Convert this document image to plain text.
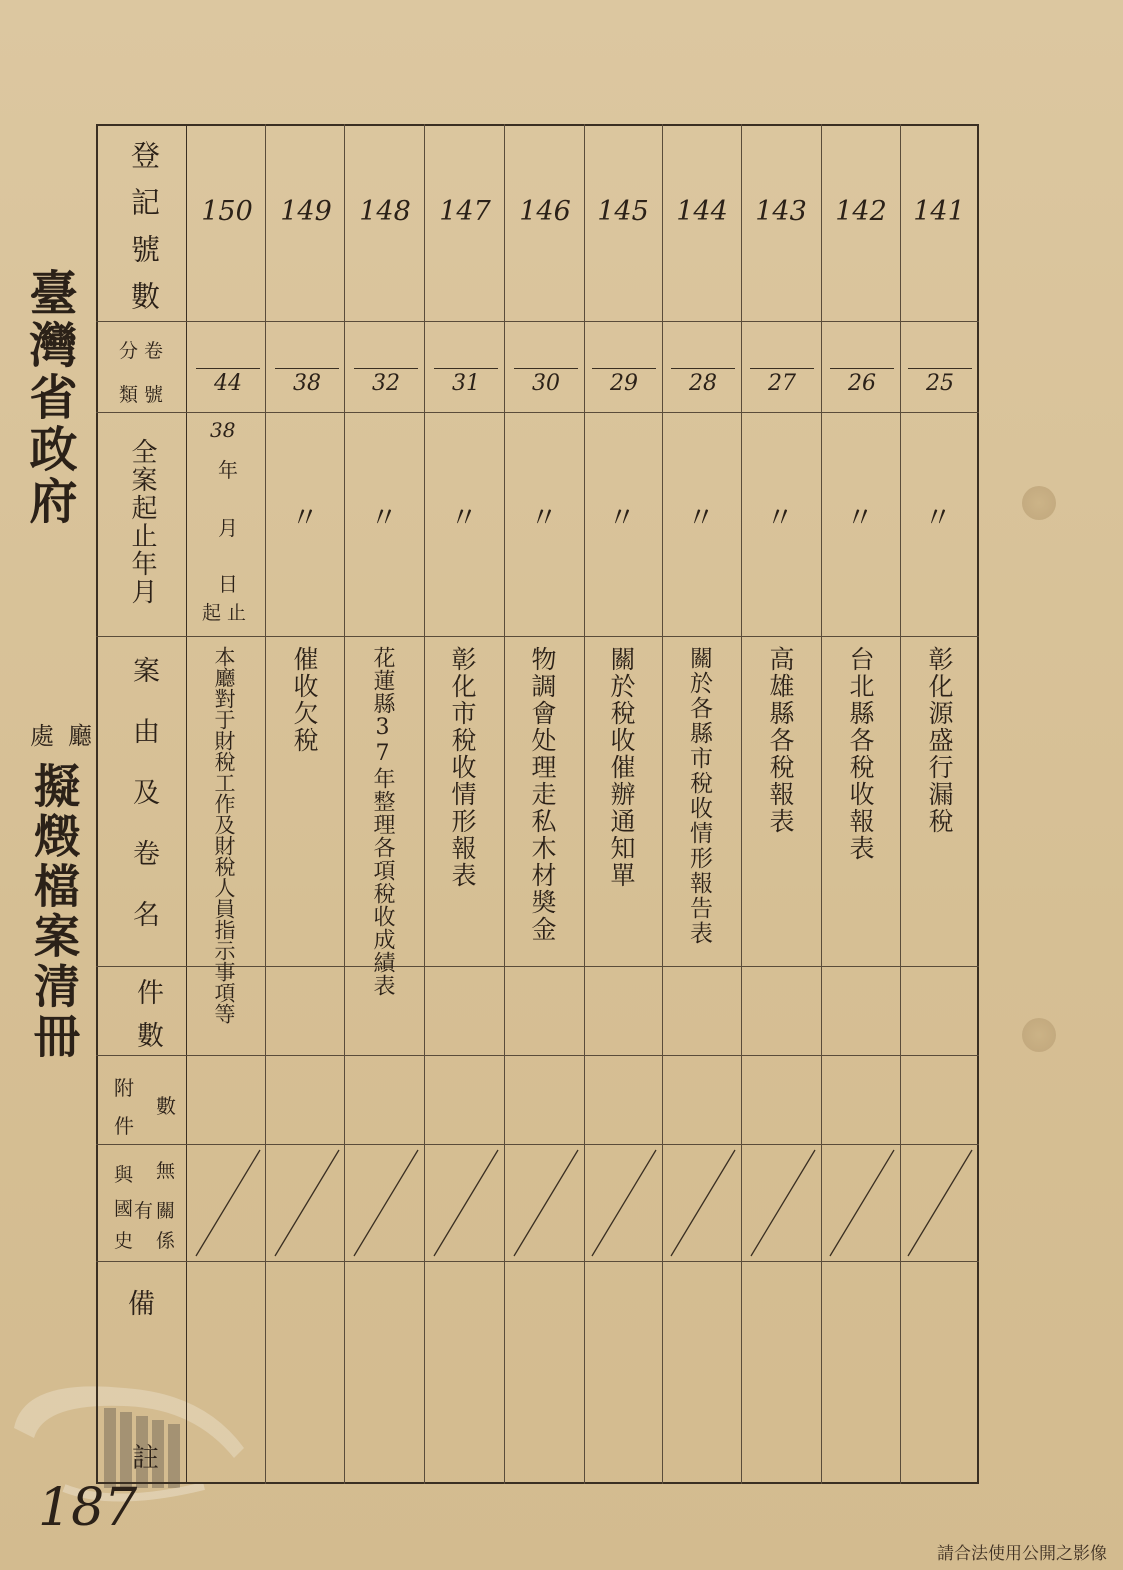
臺灣省政府
處 廳
擬燬檔案清冊
登記號數
分 卷
類 號
全案起止年月
案由及卷名
件數
附
件
數
無
關
有
係
與
國
史
備
註
150
44
38
年
月
日
起 止
本廳對于財稅工作及財稅人員指示事項等
149
38
〃
催收欠稅
148
32
〃
花蓮縣37年整理各項稅收成績表
147
31
〃
彰化市稅收情形報表
146
30
〃
物調會处理走私木材奬金
145
29
〃
關於稅收催辦通知單
144
28
〃
關於各縣市稅收情形報告表
143
27
〃
高雄縣各稅報表
142
26
〃
台北縣各稅收報表
141
25
〃
彰化源盛行漏稅
187
請合法使用公開之影像
